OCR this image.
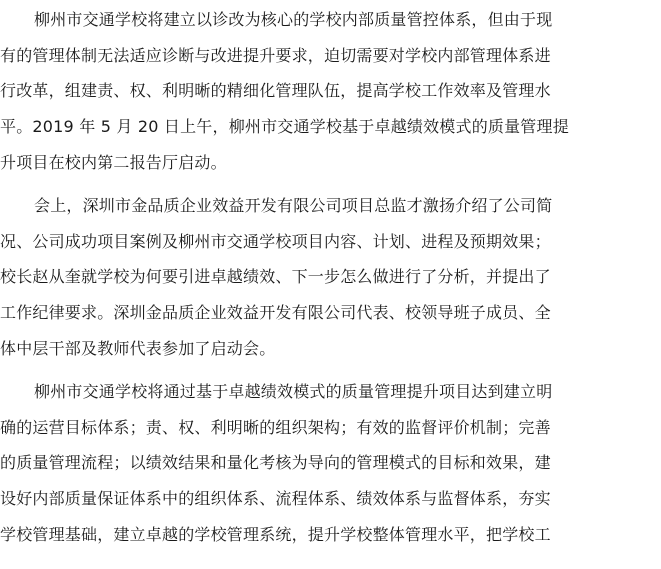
柳州市交通学校将建立以诊改为核心的学校内部质量管控体系，但由于现
有的管理体制无法适应诊断与改进提升要求，迫切需要对学校内部管理体系进
行改革，组建责、权、利明晰的精细化管理队伍，提高学校工作效率及管理水
平。2019 年 5 月 20 日上午，柳州市交通学校基于卓越绩效模式的质量管理提
升项目在校内第二报告厅启动。
会上，深圳市金品质企业效益开发有限公司项目总监才激扬介绍了公司简
况、公司成功项目案例及柳州市交通学校项目内容、计划、进程及预期效果；
校长赵从奎就学校为何要引进卓越绩效、下一步怎么做进行了分析，并提出了
工作纪律要求。深圳金品质企业效益开发有限公司代表、校领导班子成员、全
体中层干部及教师代表参加了启动会。
柳州市交通学校将通过基于卓越绩效模式的质量管理提升项目达到建立明
确的运营目标体系；责、权、利明晰的组织架构；有效的监督评价机制；完善
的质量管理流程；以绩效结果和量化考核为导向的管理模式的目标和效果，建
设好内部质量保证体系中的组织体系、流程体系、绩效体系与监督体系，夯实
学校管理基础，建立卓越的学校管理系统，提升学校整体管理水平，把学校工
